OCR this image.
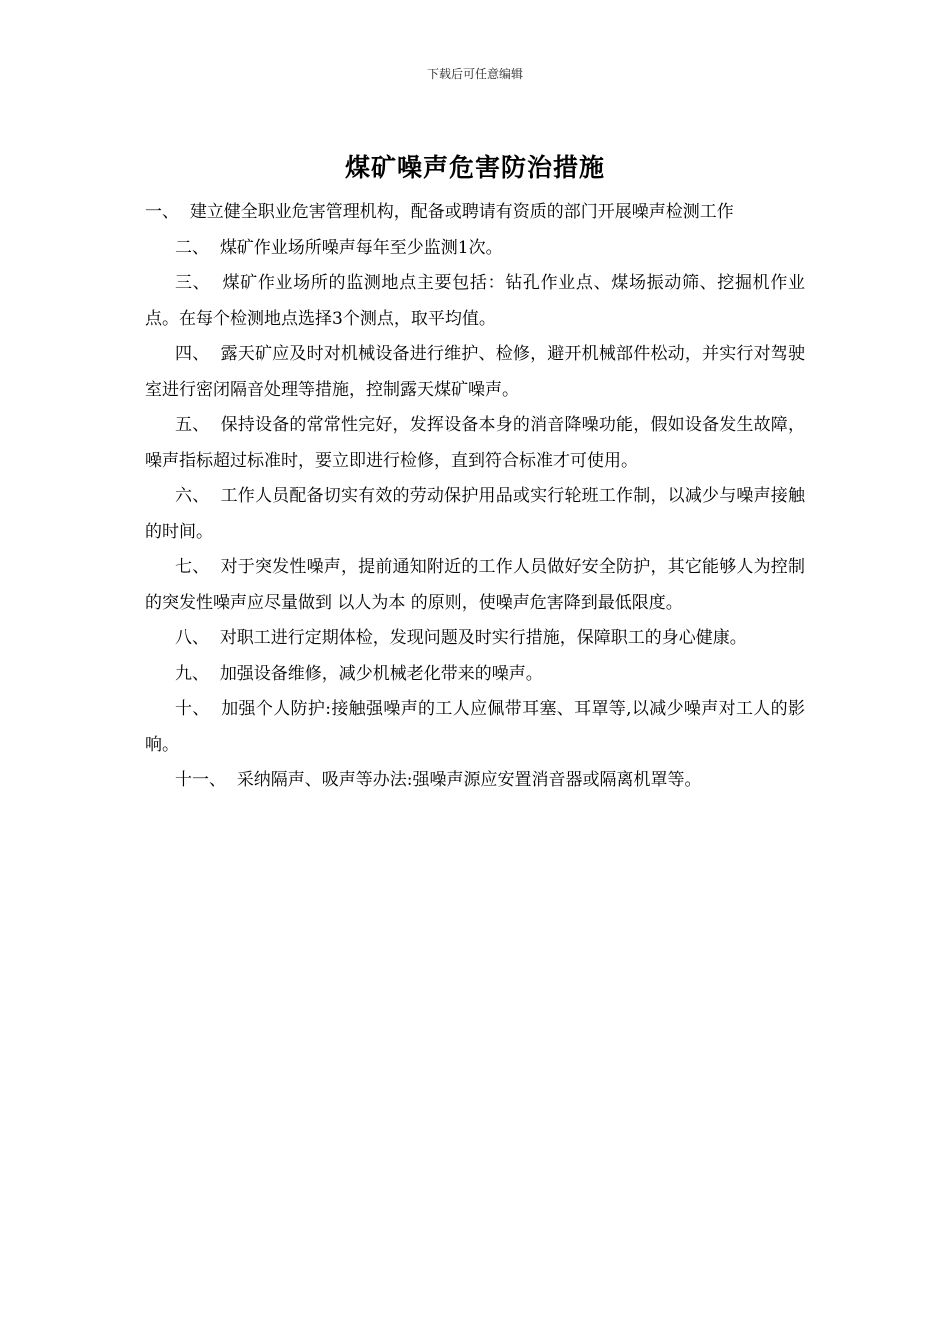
下载后可任意编辑
煤矿噪声危害防治措施

一、  建立健全职业危害管理机构，配备或聘请有资质的部门开展噪声检测工作

二、  煤矿作业场所噪声每年至少监测1次。

三、  煤矿作业场所的监测地点主要包括：钻孔作业点、煤场振动筛、挖掘机作业点。在每个检测地点选择3个测点，取平均值。

四、  露天矿应及时对机械设备进行维护、检修，避开机械部件松动，并实行对驾驶室进行密闭隔音处理等措施，控制露天煤矿噪声。

五、  保持设备的常常性完好，发挥设备本身的消音降噪功能，假如设备发生故障，噪声指标超过标准时，要立即进行检修，直到符合标准才可使用。

六、  工作人员配备切实有效的劳动保护用品或实行轮班工作制，以减少与噪声接触的时间。

七、  对于突发性噪声，提前通知附近的工作人员做好安全防护，其它能够人为控制的突发性噪声应尽量做到 以人为本 的原则，使噪声危害降到最低限度。

八、  对职工进行定期体检，发现问题及时实行措施，保障职工的身心健康。

九、  加强设备维修，减少机械老化带来的噪声。

十、  加强个人防护:接触强噪声的工人应佩带耳塞、耳罩等,以减少噪声对工人的影响。

十一、  采纳隔声、吸声等办法:强噪声源应安置消音器或隔离机罩等。
